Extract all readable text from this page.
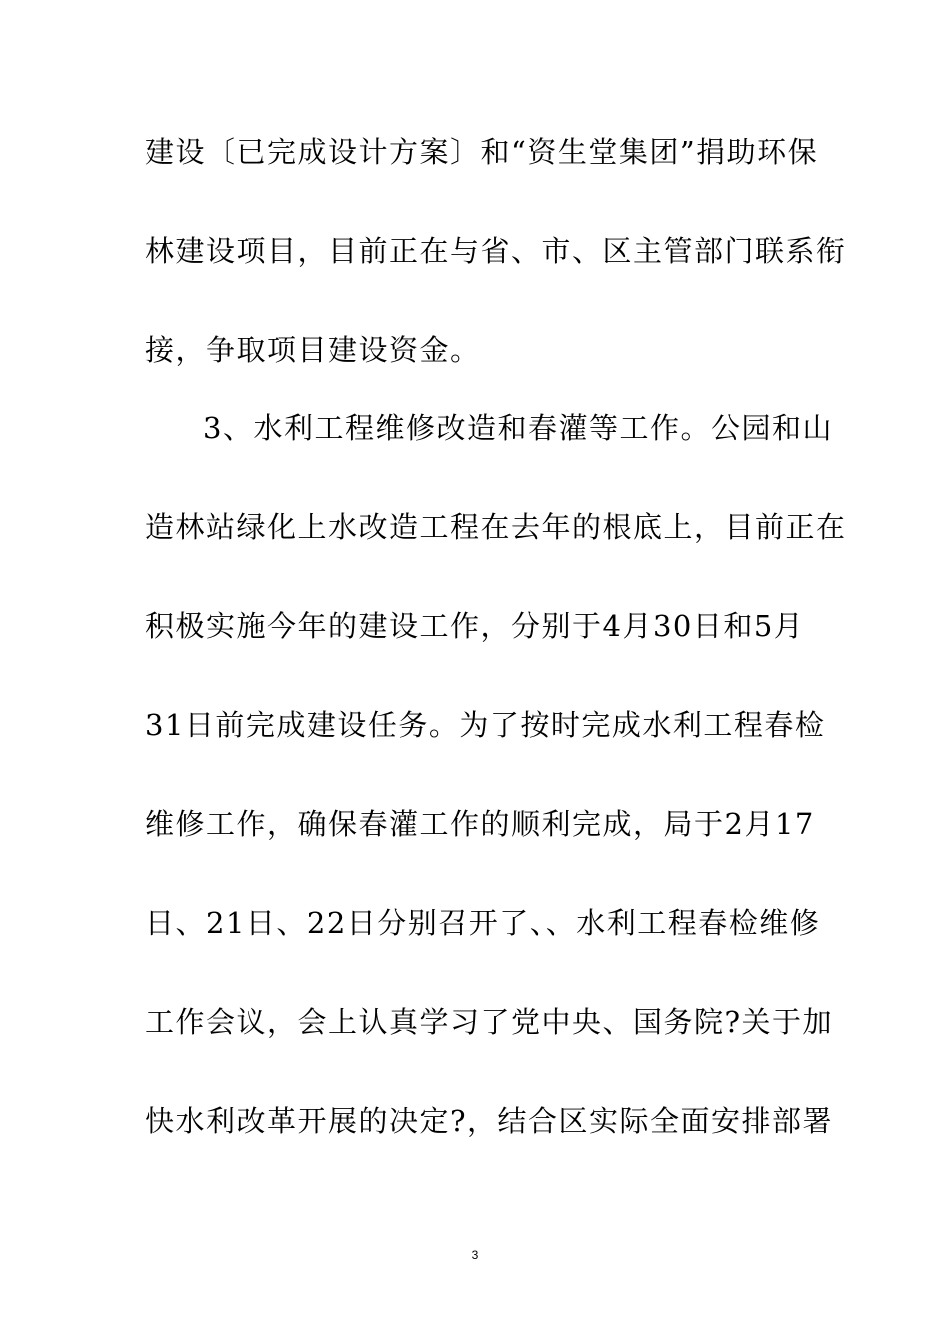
建设〔已完成设计方案〕和“资生堂集团”捐助环保
林建设项目，目前正在与省、市、区主管部门联系衔
接，争取项目建设资金。
3、水利工程维修改造和春灌等工作。公园和山
造林站绿化上水改造工程在去年的根底上，目前正在
积极实施今年的建设工作，分别于4月30日和5月
31日前完成建设任务。为了按时完成水利工程春检
维修工作，确保春灌工作的顺利完成，局于2月17
日、21日、22日分别召开了、、水利工程春检维修
工作会议，会上认真学习了党中央、国务院?关于加
快水利改革开展的决定?，结合区实际全面安排部署
3
